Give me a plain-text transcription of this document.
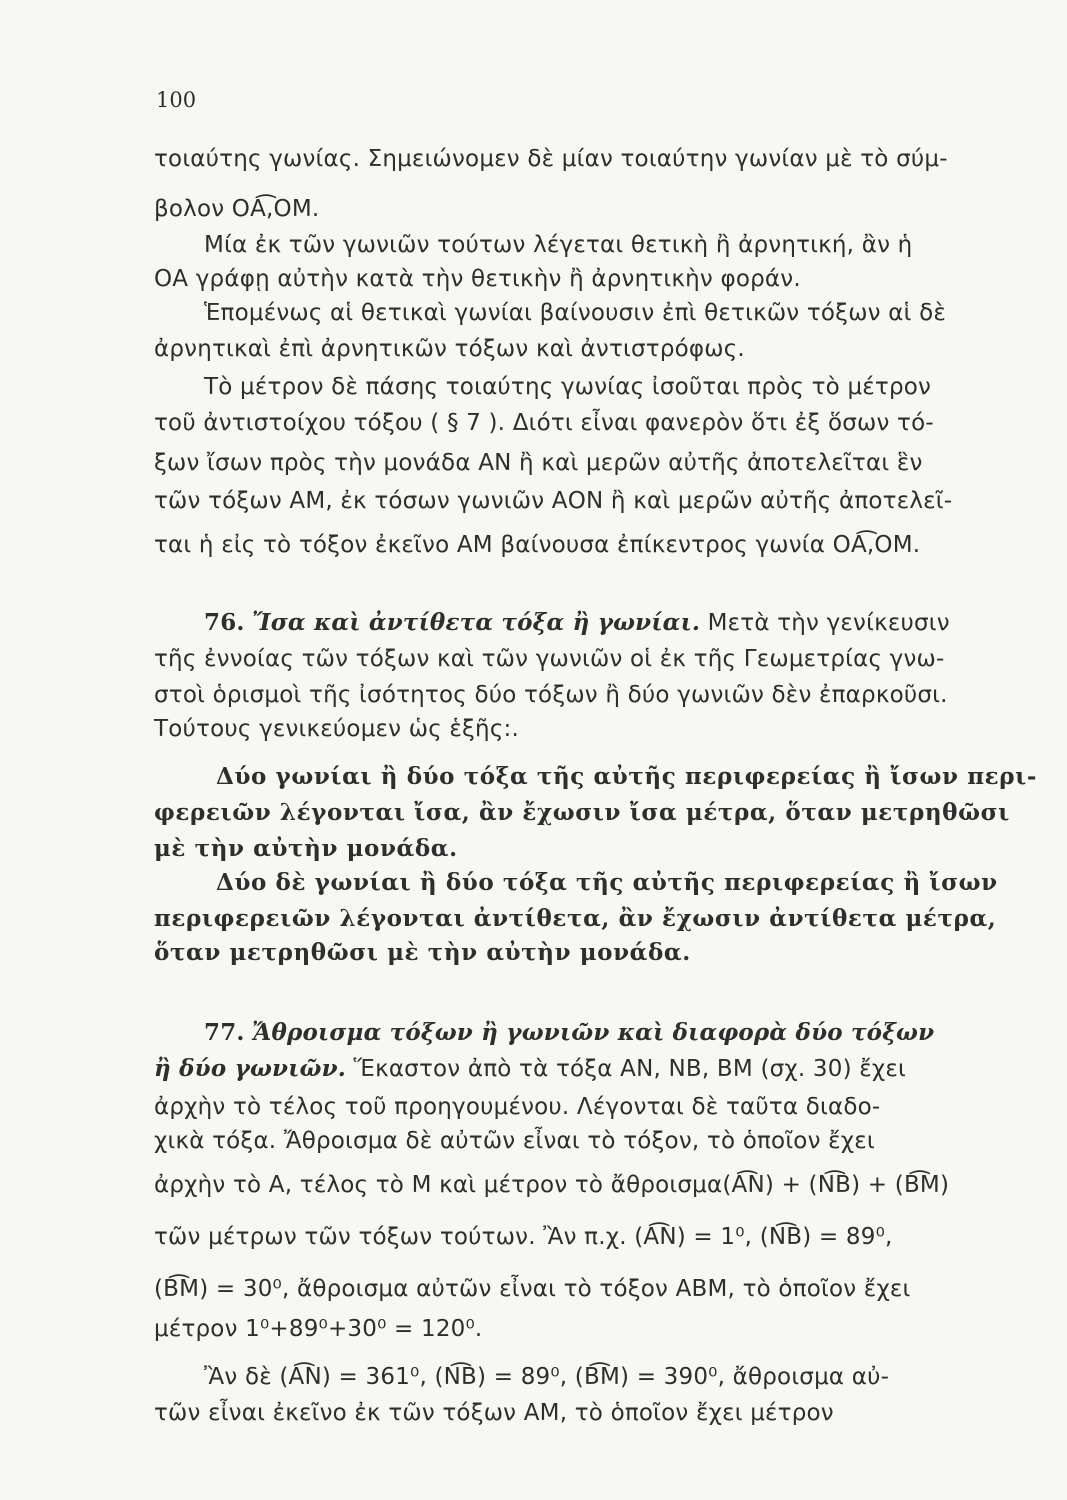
100
τοιαύτης γωνίας. Σημειώνομεν δὲ μίαν τοιαύτην γωνίαν μὲ τὸ σύμ-
βολον ΟΑ͡,ΟΜ.
Μία ἐκ τῶν γωνιῶν τούτων λέγεται θετικὴ ἢ ἀρνητική, ἂν ἡ
ΟΑ γράφῃ αὐτὴν κατὰ τὴν θετικὴν ἢ ἀρνητικὴν φοράν.
Ἑπομένως αἱ θετικαὶ γωνίαι βαίνουσιν ἐπὶ θετικῶν τόξων αἱ δὲ
ἀρνητικαὶ ἐπὶ ἀρνητικῶν τόξων καὶ ἀντιστρόφως.
Τὸ μέτρον δὲ πάσης τοιαύτης γωνίας ἰσοῦται πρὸς τὸ μέτρον
τοῦ ἀντιστοίχου τόξου ( § 7 ). Διότι εἶναι φανερὸν ὅτι ἐξ ὅσων τό-
ξων ἴσων πρὸς τὴν μονάδα ΑΝ ἢ καὶ μερῶν αὐτῆς ἀποτελεῖται ἓν
τῶν τόξων ΑΜ, ἐκ τόσων γωνιῶν ΑΟΝ ἢ καὶ μερῶν αὐτῆς ἀποτελεῖ-
ται ἡ εἰς τὸ τόξον ἐκεῖνο ΑΜ βαίνουσα ἐπίκεντρος γωνία ΟΑ͡,ΟΜ.
76. Ἴσα καὶ ἀντίθετα τόξα ἢ γωνίαι. Μετὰ τὴν γενίκευσιν
τῆς ἐννοίας τῶν τόξων καὶ τῶν γωνιῶν οἱ ἐκ τῆς Γεωμετρίας γνω-
στοὶ ὁρισμοὶ τῆς ἰσότητος δύο τόξων ἢ δύο γωνιῶν δὲν ἐπαρκοῦσι.
Τούτους γενικεύομεν ὡς ἑξῆς:.
Δύο γωνίαι ἢ δύο τόξα τῆς αὐτῆς περιφερείας ἢ ἴσων περι-
φερειῶν λέγονται ἴσα, ἂν ἔχωσιν ἴσα μέτρα, ὅταν μετρηθῶσι
μὲ τὴν αὐτὴν μονάδα.
Δύο δὲ γωνίαι ἢ δύο τόξα τῆς αὐτῆς περιφερείας ἢ ἴσων
περιφερειῶν λέγονται ἀντίθετα, ἂν ἔχωσιν ἀντίθετα μέτρα,
ὅταν μετρηθῶσι μὲ τὴν αὐτὴν μονάδα.
77. Ἄθροισμα τόξων ἢ γωνιῶν καὶ διαφορὰ δύο τόξων
ἢ δύο γωνιῶν. Ἕκαστον ἀπὸ τὰ τόξα ΑΝ, ΝΒ, ΒΜ (σχ. 30) ἔχει
ἀρχὴν τὸ τέλος τοῦ προηγουμένου. Λέγονται δὲ ταῦτα διαδο-
χικὰ τόξα. Ἄθροισμα δὲ αὐτῶν εἶναι τὸ τόξον, τὸ ὁποῖον ἔχει
ἀρχὴν τὸ Α, τέλος τὸ Μ καὶ μέτρον τὸ ἄθροισμα(Α͡Ν) + (Ν͡Β) + (Β͡Μ)
τῶν μέτρων τῶν τόξων τούτων. Ἂν π.χ. (Α͡Ν) = 1⁰, (Ν͡Β) = 89⁰,
(Β͡Μ) = 30⁰, ἄθροισμα αὐτῶν εἶναι τὸ τόξον ΑΒΜ, τὸ ὁποῖον ἔχει
μέτρον 1⁰+89⁰+30⁰ = 120⁰.
Ἂν δὲ (Α͡Ν) = 361⁰, (Ν͡Β) = 89⁰, (Β͡Μ) = 390⁰, ἄθροισμα αὐ-
τῶν εἶναι ἐκεῖνο ἐκ τῶν τόξων ΑΜ, τὸ ὁποῖον ἔχει μέτρον
